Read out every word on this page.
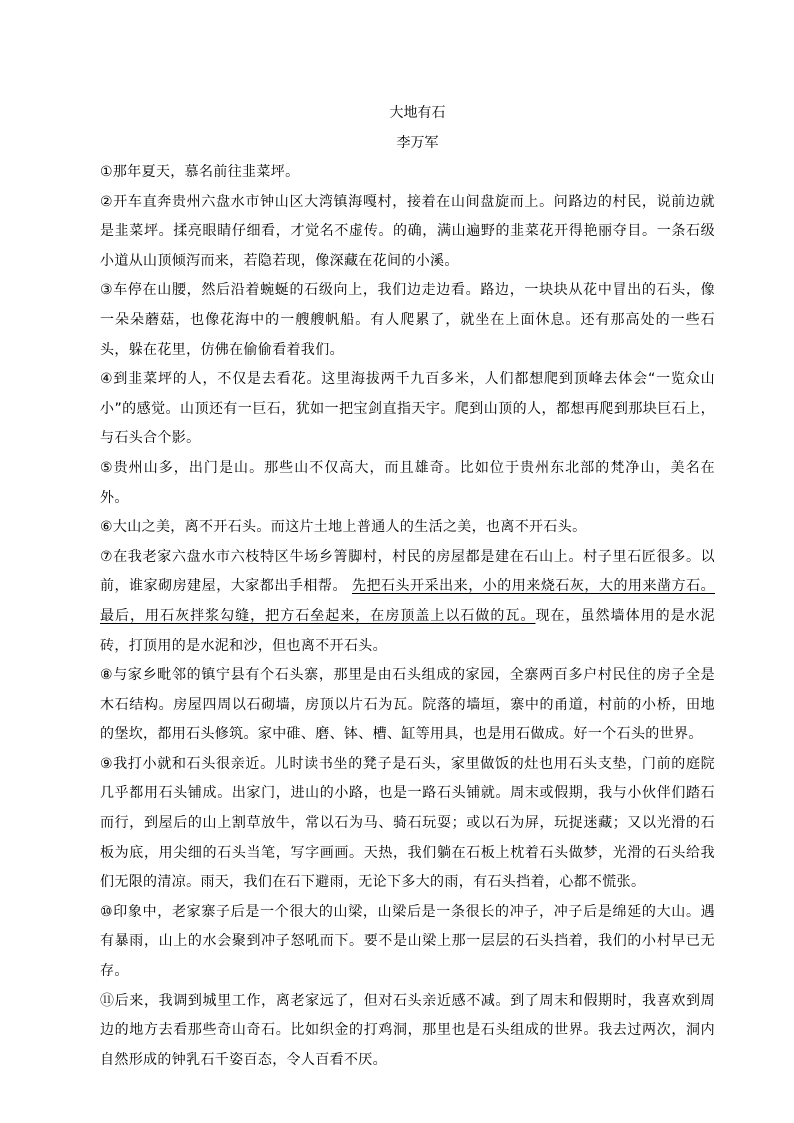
大地有石
李万军

①那年夏天，慕名前往韭菜坪。

②开车直奔贵州六盘水市钟山区大湾镇海嘎村，接着在山间盘旋而上。问路边的村民，说前边就是韭菜坪。揉亮眼睛仔细看，才觉名不虚传。的确，满山遍野的韭菜花开得艳丽夺目。一条石级小道从山顶倾泻而来，若隐若现，像深藏在花间的小溪。

③车停在山腰，然后沿着蜿蜒的石级向上，我们边走边看。路边，一块块从花中冒出的石头，像一朵朵蘑菇，也像花海中的一艘艘帆船。有人爬累了，就坐在上面休息。还有那高处的一些石头，躲在花里，仿佛在偷偷看着我们。

④到韭菜坪的人，不仅是去看花。这里海拔两千九百多米，人们都想爬到顶峰去体会“一览众山小”的感觉。山顶还有一巨石，犹如一把宝剑直指天宇。爬到山顶的人，都想再爬到那块巨石上，与石头合个影。

⑤贵州山多，出门是山。那些山不仅高大，而且雄奇。比如位于贵州东北部的梵净山，美名在外。

⑥大山之美，离不开石头。而这片土地上普通人的生活之美，也离不开石头。

⑦在我老家六盘水市六枝特区牛场乡箐脚村，村民的房屋都是建在石山上。村子里石匠很多。以前，谁家砌房建屋，大家都出手相帮。 先把石头开采出来，小的用来烧石灰，大的用来凿方石。最后，用石灰拌浆勾缝，把方石垒起来，在房顶盖上以石做的瓦。现在，虽然墙体用的是水泥砖，打顶用的是水泥和沙，但也离不开石头。

⑧与家乡毗邻的镇宁县有个石头寨，那里是由石头组成的家园，全寨两百多户村民住的房子全是木石结构。房屋四周以石砌墙，房顶以片石为瓦。院落的墙垣，寨中的甬道，村前的小桥，田地的堡坎，都用石头修筑。家中碓、磨、钵、槽、缸等用具，也是用石做成。好一个石头的世界。

⑨我打小就和石头很亲近。儿时读书坐的凳子是石头，家里做饭的灶也用石头支垫，门前的庭院几乎都用石头铺成。出家门，进山的小路，也是一路石头铺就。周末或假期，我与小伙伴们踏石而行，到屋后的山上割草放牛，常以石为马、骑石玩耍；或以石为屏，玩捉迷藏；又以光滑的石板为底，用尖细的石头当笔，写字画画。天热，我们躺在石板上枕着石头做梦，光滑的石头给我们无限的清凉。雨天，我们在石下避雨，无论下多大的雨，有石头挡着，心都不慌张。

⑩印象中，老家寨子后是一个很大的山梁，山梁后是一条很长的冲子，冲子后是绵延的大山。遇有暴雨，山上的水会聚到冲子怒吼而下。要不是山梁上那一层层的石头挡着，我们的小村早已无存。

⑪后来，我调到城里工作，离老家远了，但对石头亲近感不减。到了周末和假期时，我喜欢到周边的地方去看那些奇山奇石。比如织金的打鸡洞，那里也是石头组成的世界。我去过两次，洞内自然形成的钟乳石千姿百态，令人百看不厌。
